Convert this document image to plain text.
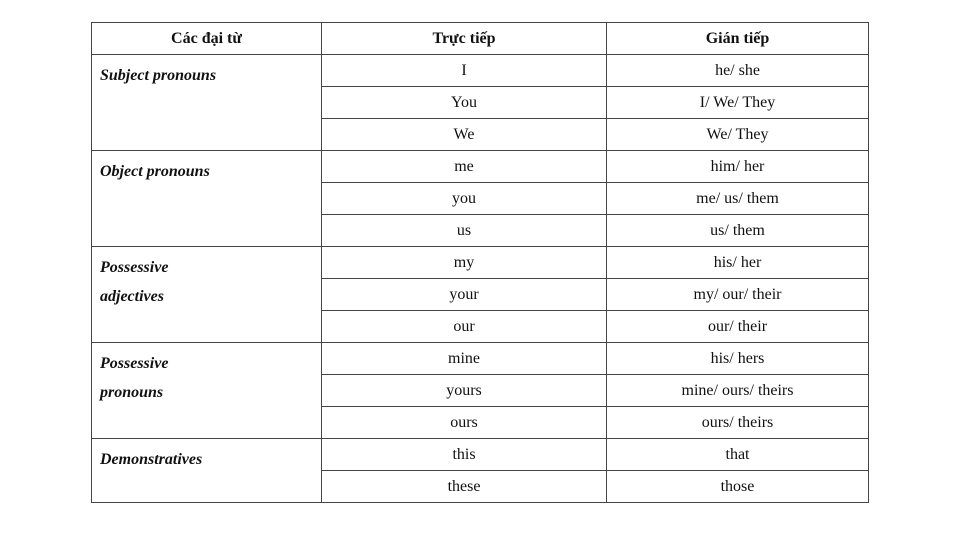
Các đại từ	Trực tiếp	Gián tiếp

Subject pronouns	I	he/ she
	You	I/ We/ They
	We	We/ They

Object pronouns	me	him/ her
	you	me/ us/ them
	us	us/ them

Possessive
adjectives	my	his/ her
	your	my/ our/ their
	our	our/ their

Possessive
pronouns	mine	his/ hers
	yours	mine/ ours/ theirs
	ours	ours/ theirs

Demonstratives	this	that
	these	those
